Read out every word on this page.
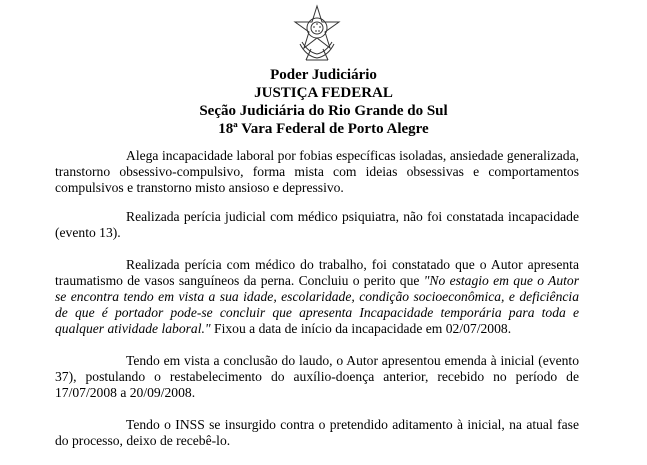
Poder Judiciário
JUSTIÇA FEDERAL
Seção Judiciária do Rio Grande do Sul
18ª Vara Federal de Porto Alegre

Alega incapacidade laboral por fobias específicas isoladas, ansiedade generalizada, transtorno obsessivo-compulsivo, forma mista com ideias obsessivas e comportamentos compulsivos e transtorno misto ansioso e depressivo.

Realizada perícia judicial com médico psiquiatra, não foi constatada incapacidade (evento 13).

Realizada perícia com médico do trabalho, foi constatado que o Autor apresenta traumatismo de vasos sanguíneos da perna. Concluiu o perito que "No estagio em que o Autor se encontra tendo em vista a sua idade, escolaridade, condição socioeconômica, e deficiência de que é portador pode-se concluir que apresenta Incapacidade temporária para toda e qualquer atividade laboral." Fixou a data de início da incapacidade em 02/07/2008.

Tendo em vista a conclusão do laudo, o Autor apresentou emenda à inicial (evento 37), postulando o restabelecimento do auxílio-doença anterior, recebido no período de 17/07/2008 a 20/09/2008.

Tendo o INSS se insurgido contra o pretendido aditamento à inicial, na atual fase do processo, deixo de recebê-lo.
